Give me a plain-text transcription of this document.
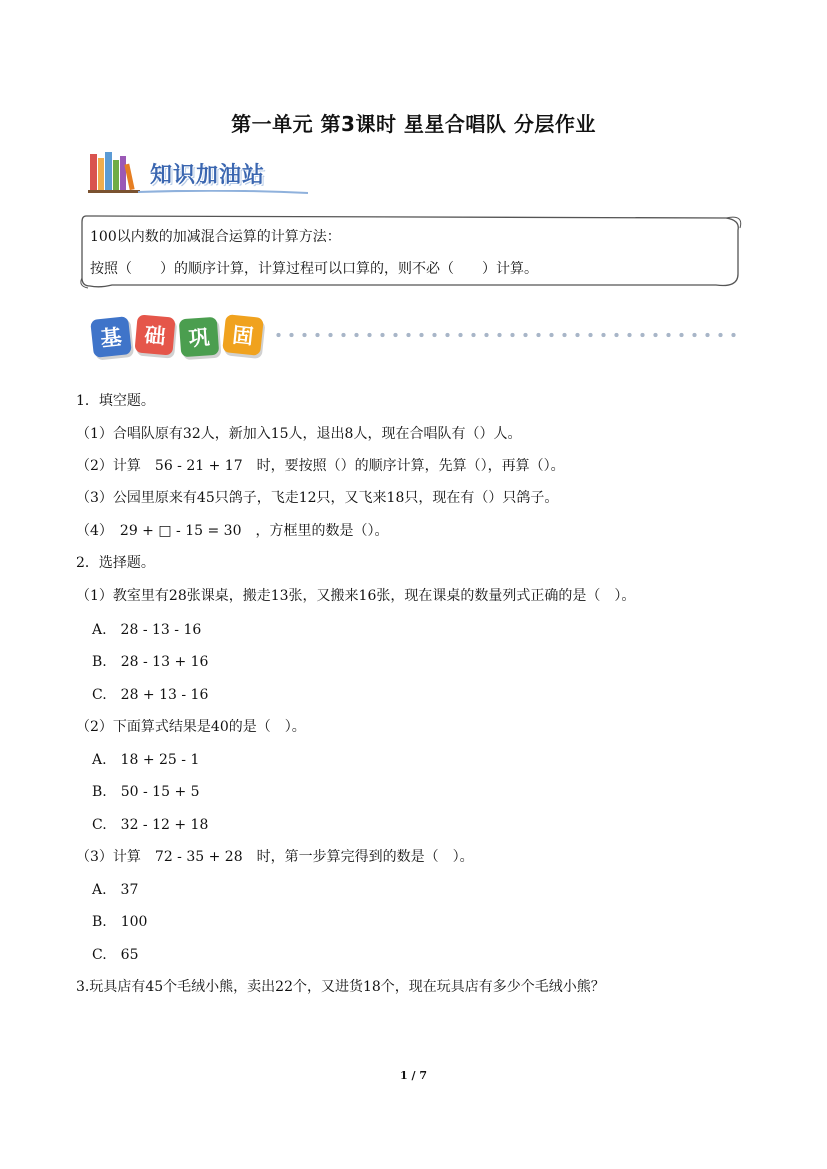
第一单元 第3课时 星星合唱队 分层作业
知识加油站
100以内数的加减混合运算的计算方法：
按照（　　）的顺序计算，计算过程可以口算的，则不必（　　）计算。
基 础	巩 固
1．填空题。
（1）合唱队原有32人，新加入15人，退出8人，现在合唱队有（）人。
（2）计算　56 - 21 + 17　时，要按照（）的顺序计算，先算（），再算（）。
（3）公园里原来有45只鸽子，飞走12只，又飞来18只，现在有（）只鸽子。
（4）　29 + □ - 15 = 30　，方框里的数是（）。
2．选择题。
（1）教室里有28张课桌，搬走13张，又搬来16张，现在课桌的数量列式正确的是（　）。
A.　28 - 13 - 16
B.　28 - 13 + 16
C.　28 + 13 - 16
（2）下面算式结果是40的是（　）。
A.　18 + 25 - 1
B.　50 - 15 + 5
C.　32 - 12 + 18
（3）计算　72 - 35 + 28　时，第一步算完得到的数是（　）。
A.　37
B.　100
C.　65
3.玩具店有45个毛绒小熊，卖出22个，又进货18个，现在玩具店有多少个毛绒小熊？
1 / 7
